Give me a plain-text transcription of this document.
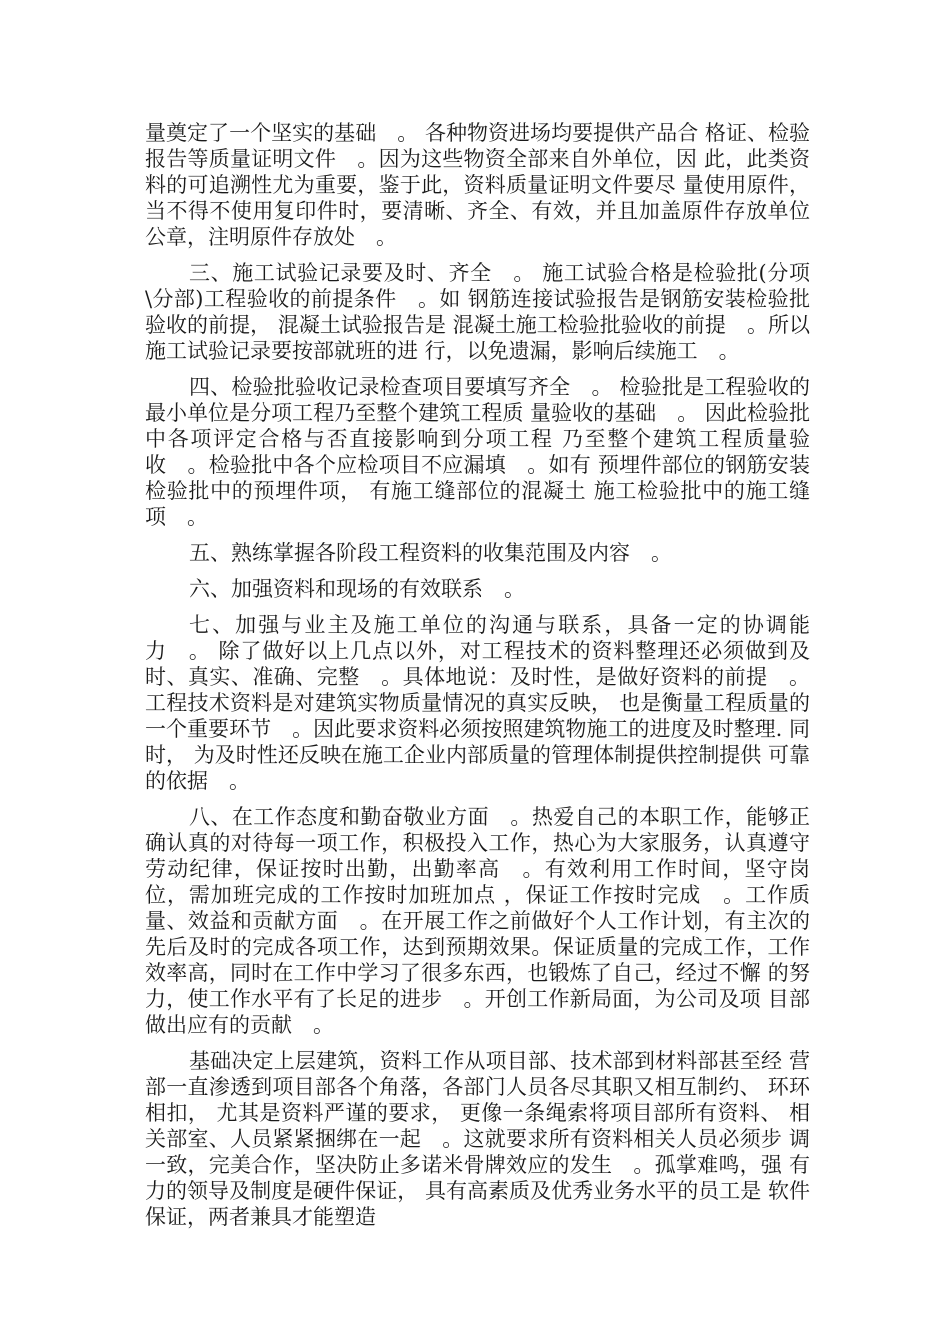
量奠定了一个坚实的基础　。 各种物资进场均要提供产品合 格证、检验报告等质量证明文件　。因为这些物资全部来自外单位，因 此，此类资料的可追溯性尤为重要，鉴于此，资料质量证明文件要尽 量使用原件，当不得不使用复印件时，要清晰、齐全、有效，并且加盖原件存放单位公章，注明原件存放处　。

三、施工试验记录要及时、齐全　。 施工试验合格是检验批(分项\分部)工程验收的前提条件　。如 钢筋连接试验报告是钢筋安装检验批验收的前提， 混凝土试验报告是 混凝土施工检验批验收的前提　。所以施工试验记录要按部就班的进 行，以免遗漏，影响后续施工　。

四、检验批验收记录检查项目要填写齐全　。 检验批是工程验收的最小单位是分项工程乃至整个建筑工程质 量验收的基础　。 因此检验批中各项评定合格与否直接影响到分项工程 乃至整个建筑工程质量验收　。检验批中各个应检项目不应漏填　。如有 预埋件部位的钢筋安装检验批中的预埋件项， 有施工缝部位的混凝土 施工检验批中的施工缝项　。

五、熟练掌握各阶段工程资料的收集范围及内容　。

六、加强资料和现场的有效联系　。

七、加强与业主及施工单位的沟通与联系，具备一定的协调能力　。 除了做好以上几点以外，对工程技术的资料整理还必须做到及 时、真实、准确、完整　。具体地说：及时性，是做好资料的前提　。工程技术资料是对建筑实物质量情况的真实反映， 也是衡量工程质量的 一个重要环节　。因此要求资料必须按照建筑物施工的进度及时整理. 同时， 为及时性还反映在施工企业内部质量的管理体制提供控制提供 可靠的依据　。

八、在工作态度和勤奋敬业方面　。热爱自己的本职工作，能够正 确认真的对待每一项工作，积极投入工作，热心为大家服务，认真遵守劳动纪律，保证按时出勤，出勤率高　。有效利用工作时间，坚守岗位，需加班完成的工作按时加班加点 ，保证工作按时完成　。工作质 量、效益和贡献方面　。在开展工作之前做好个人工作计划，有主次的 先后及时的完成各项工作，达到预期效果。保证质量的完成工作，工作效率高，同时在工作中学习了很多东西，也锻炼了自己，经过不懈 的努力，使工作水平有了长足的进步　。开创工作新局面，为公司及项 目部做出应有的贡献　。

基础决定上层建筑，资料工作从项目部、技术部到材料部甚至经 营部一直渗透到项目部各个角落，各部门人员各尽其职又相互制约、 环环相扣， 尤其是资料严谨的要求， 更像一条绳索将项目部所有资料、 相关部室、人员紧紧捆绑在一起　。这就要求所有资料相关人员必须步 调一致，完美合作，坚决防止多诺米骨牌效应的发生　。孤掌难鸣，强 有力的领导及制度是硬件保证， 具有高素质及优秀业务水平的员工是 软件保证，两者兼具才能塑造
